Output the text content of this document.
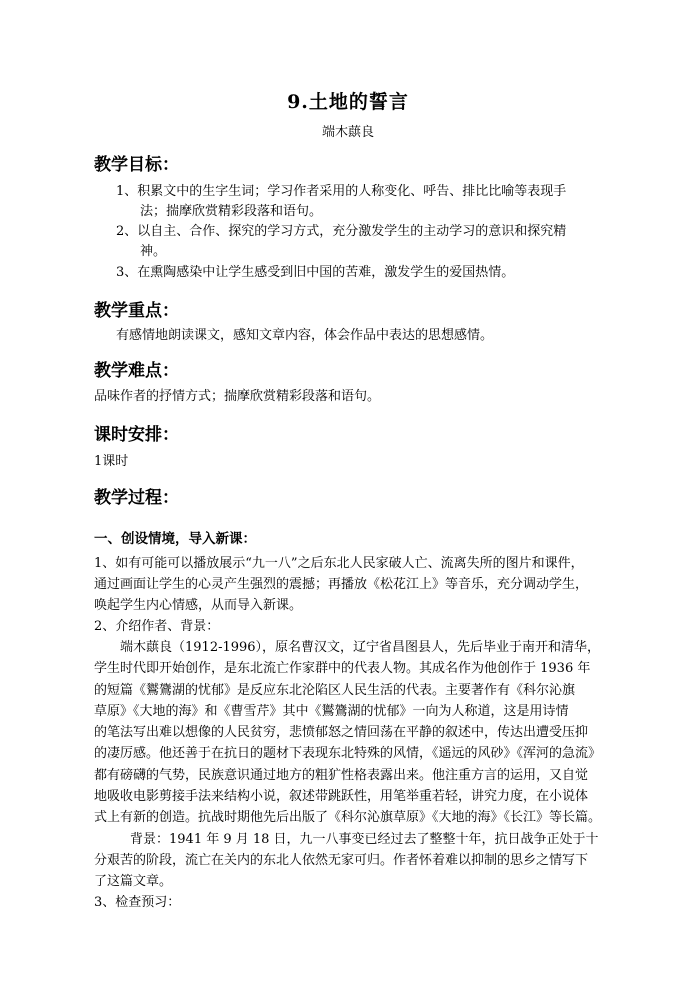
9.土地的誓言
端木蕻良
教学目标：
1、积累文中的生字生词；学习作者采用的人称变化、呼告、排比比喻等表现手
法；揣摩欣赏精彩段落和语句。
2、以自主、合作、探究的学习方式，充分激发学生的主动学习的意识和探究精
神。
3、在熏陶感染中让学生感受到旧中国的苦难，激发学生的爱国热情。
教学重点：
有感情地朗读课文，感知文章内容，体会作品中表达的思想感情。
教学难点：
品味作者的抒情方式；揣摩欣赏精彩段落和语句。
课时安排：
1课时
教学过程：
一、创设情境，导入新课：
1、如有可能可以播放展示“九一八”之后东北人民家破人亡、流离失所的图片和课件，
通过画面让学生的心灵产生强烈的震撼；再播放《松花江上》等音乐，充分调动学生，
唤起学生内心情感，从而导入新课。
2、介绍作者、背景：
端木蕻良（1912-1996），原名曹汉文，辽宁省昌图县人，先后毕业于南开和清华，
学生时代即开始创作，是东北流亡作家群中的代表人物。其成名作为他创作于 1936 年
的短篇《鸑鷟湖的忧郁》是反应东北沦陷区人民生活的代表。主要著作有《科尔沁旗
草原》《大地的海》和《曹雪芹》其中《鸑鷟湖的忧郁》一向为人称道，这是用诗情
的笔法写出难以想像的人民贫穷，悲愤郁怒之情回荡在平静的叙述中，传达出遭受压抑
的凄厉感。他还善于在抗日的题材下表现东北特殊的风情，《遥远的风砂》《浑河的急流》
都有磅礴的气势，民族意识通过地方的粗犷性格表露出来。他注重方言的运用，又自觉
地吸收电影剪接手法来结构小说，叙述带跳跃性，用笔举重若轻，讲究力度，在小说体
式上有新的创造。抗战时期他先后出版了《科尔沁旗草原》《大地的海》《长江》等长篇。
背景：1941 年 9 月 18 日，九一八事变已经过去了整整十年，抗日战争正处于十
分艰苦的阶段，流亡在关内的东北人依然无家可归。作者怀着难以抑制的思乡之情写下
了这篇文章。
3、检查预习：
